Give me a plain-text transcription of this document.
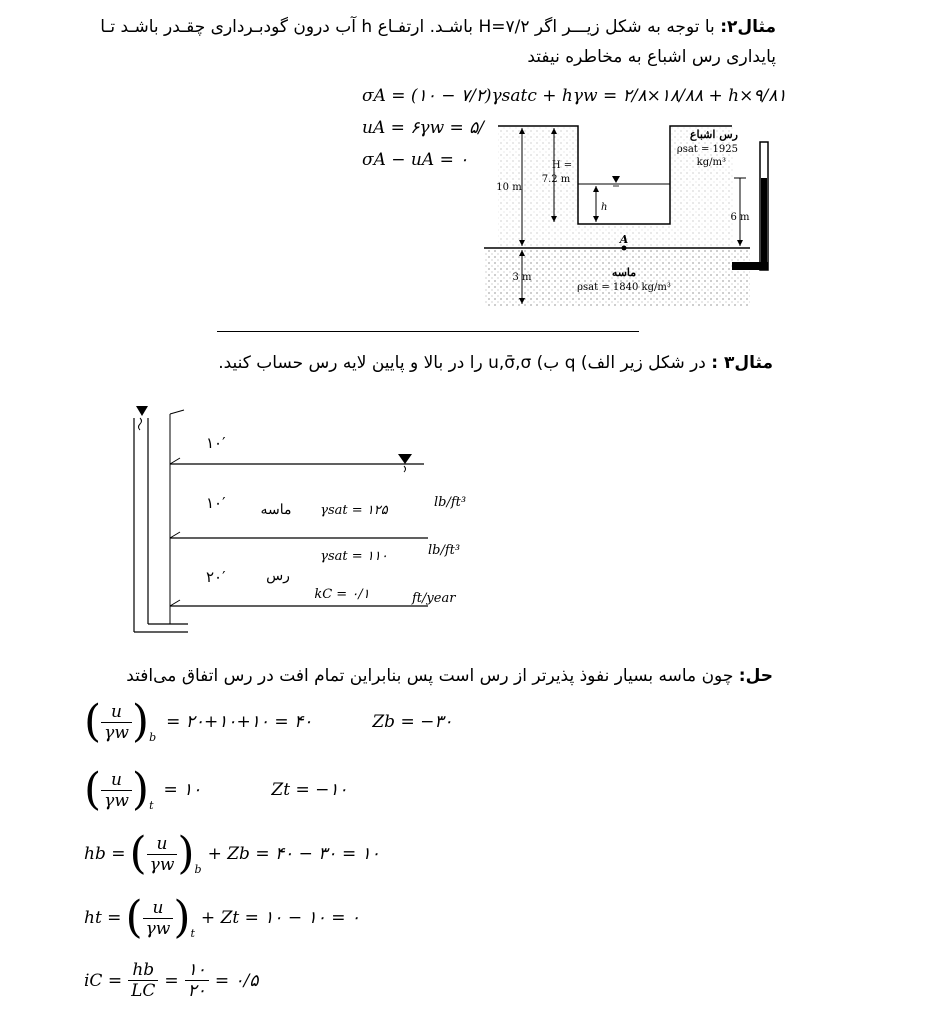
مثال۲: با توجه به شکل زیـــر اگر H=۷/۲ باشـد. ارتفـاع h آب درون گودبـرداری چقـدر باشـد تـا
پایداری رس اشباع به مخاطره نیفتد
σA = (۱۰ − ۷/۲)γsatc + hγw = ۲/۸×۱۸/۸۸ + h×۹/۸۱
uA = ۶γw = ۵/
σA − uA = ۰
رس اشباع
ρsat = 1925
kg/m³
H =
7.2 m
10 m
h
6 m
A
3 m	ماسه
ρsat = 1840 kg/m³
مثال۳ : در شکل زیر الف) q ب) u,σ̄,σ را در بالا و پایین لایه رس حساب کنید.
۱۰′
۱۰′ ماسه γsat = ۱۲۵
lb/ft³
۲۰′	رس
γsat = ۱۱۰	lb/ft³
kC = ۰/۱	ft/year
حل: چون ماسه بسیار نفوذ پذیرتر از رس است پس بنابراین تمام افت در رس اتفاق می‌افتد
( $\frac{u}{\gamma w} )_b$
= ۲۰+۱۰+۱۰ = ۴۰	Zb = −۳۰
( $\frac{u}{\gamma w} )_t$
= ۱۰	Zt = −۱۰
hb = ( $\frac{u}{\gamma w} )_b$
+ Zb = ۴۰ − ۳۰ = ۱۰
ht = ( $\frac{u}{\gamma w} )_t$
+ Zt = ۱۰ − ۱۰ = ۰
iC = $\frac{hb}{LC} = \frac{۱۰}{۲۰}$ = ۰/۵
